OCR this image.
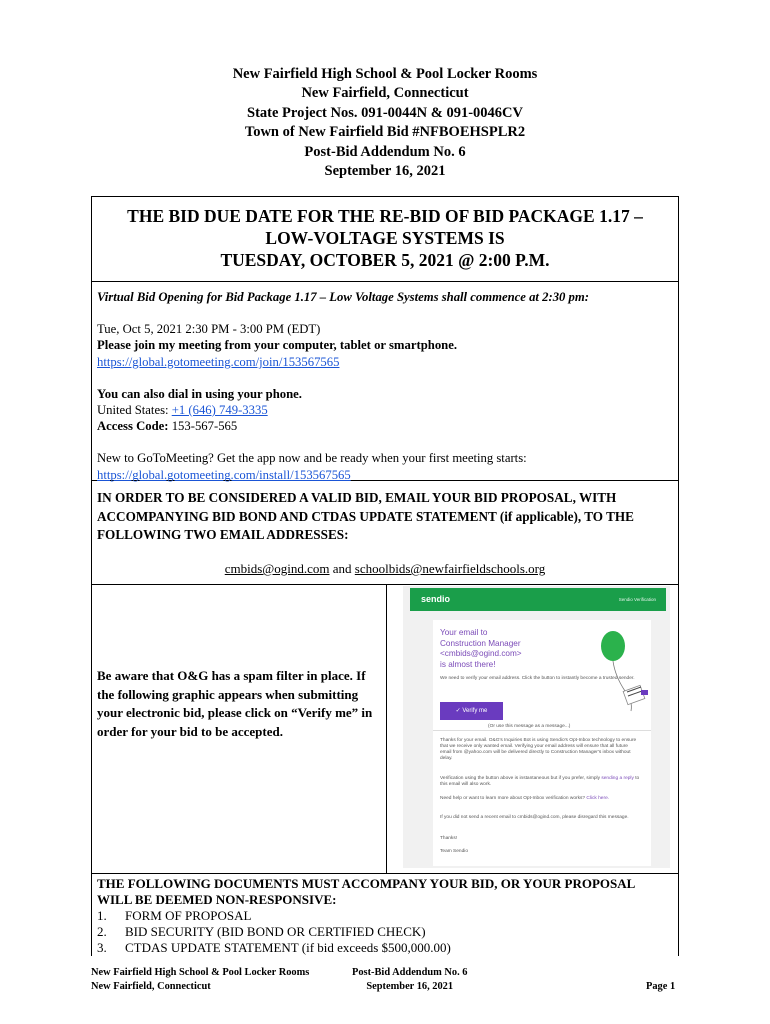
New Fairfield High School & Pool Locker Rooms
New Fairfield, Connecticut
State Project Nos. 091-0044N & 091-0046CV
Town of New Fairfield Bid #NFBOEHSPLR2
Post-Bid Addendum No. 6
September 16, 2021
THE BID DUE DATE FOR THE RE-BID OF BID PACKAGE 1.17 –
LOW-VOLTAGE SYSTEMS IS
TUESDAY, OCTOBER 5, 2021 @ 2:00 P.M.
Virtual Bid Opening for Bid Package 1.17 – Low Voltage Systems shall commence at 2:30 pm:
Tue, Oct 5, 2021 2:30 PM - 3:00 PM (EDT)
Please join my meeting from your computer, tablet or smartphone.
https://global.gotomeeting.com/join/153567565
You can also dial in using your phone.
United States: +1 (646) 749-3335
Access Code: 153-567-565
New to GoToMeeting? Get the app now and be ready when your first meeting starts:
https://global.gotomeeting.com/install/153567565
IN ORDER TO BE CONSIDERED A VALID BID, EMAIL YOUR BID PROPOSAL, WITH ACCOMPANYING BID BOND AND CTDAS UPDATE STATEMENT (if applicable), TO THE FOLLOWING TWO EMAIL ADDRESSES:
cmbids@ogind.com and schoolbids@newfairfieldschools.org
Be aware that O&G has a spam filter in place. If the following graphic appears when submitting your electronic bid, please click on “Verify me” in order for your bid to be accepted.
sendio	Sendio Verification
Your email to
Construction Manager
<cmbids@ogind.com>
is almost there!
We need to verify your email address. Click the button to instantly become a trusted sender.
✓ Verify me
(Or use this message as a message...)
Thanks for your email. O&G's Inquiries Bot is using Sendio's Opt-Inbox technology to ensure that we receive only wanted email. Verifying your email address will ensure that all future email from @yahoo.com will be delivered directly to Construction Manager's inbox without delay.
Verification using the button above is instantaneous but if you prefer, simply sending a reply to this email will also work.
Need help or want to learn more about Opt-Inbox verification works? Click here.
If you did not send a recent email to cmbids@ogind.com, please disregard this message.
Thanks!
Team Sendio
THE FOLLOWING DOCUMENTS MUST ACCOMPANY YOUR BID, OR YOUR PROPOSAL WILL BE DEEMED NON-RESPONSIVE:
1. FORM OF PROPOSAL
2. BID SECURITY (BID BOND OR CERTIFIED CHECK)
3. CTDAS UPDATE STATEMENT (if bid exceeds $500,000.00)
New Fairfield High School & Pool Locker Rooms
New Fairfield, Connecticut
Post-Bid Addendum No. 6
September 16, 2021	Page 1
